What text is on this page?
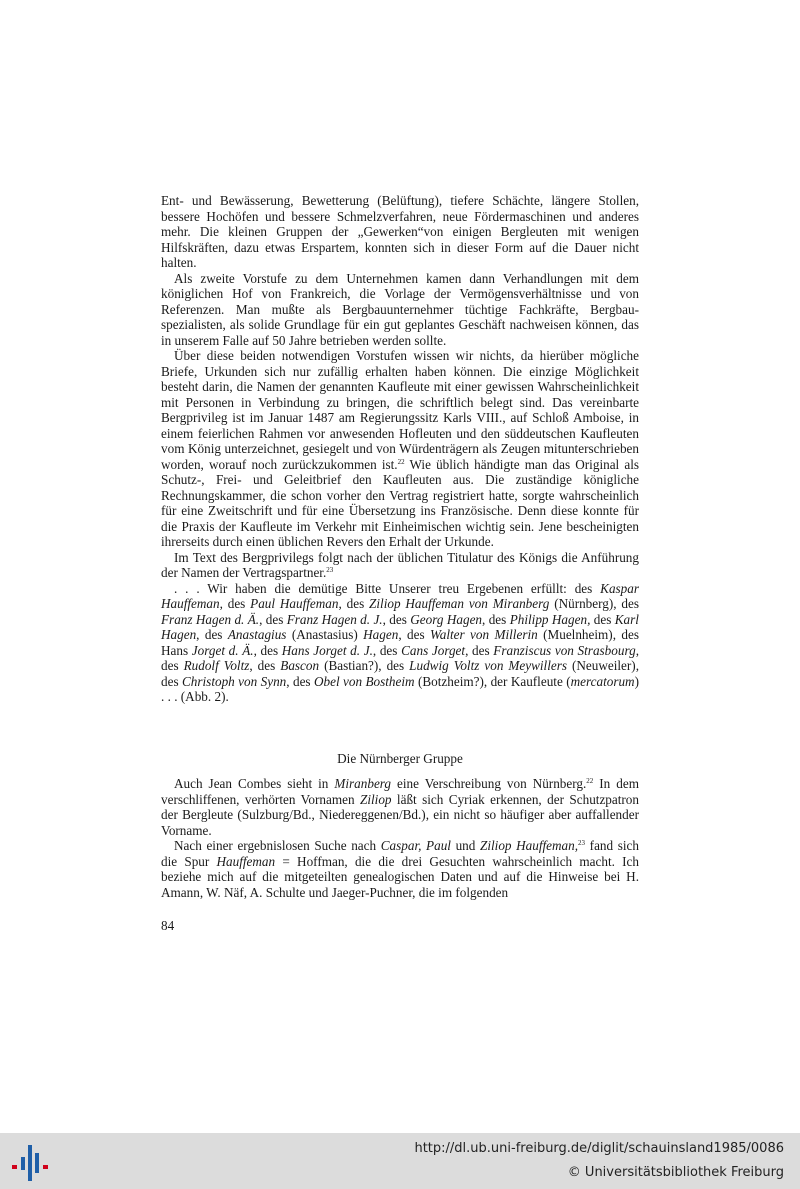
Ent- und Bewässerung, Bewetterung (Belüftung), tiefere Schächte, längere Stollen, bessere Hochöfen und bessere Schmelzverfahren, neue Fördermaschinen und anderes mehr. Die kleinen Gruppen der „Gewerken“von einigen Bergleuten mit wenigen Hilfskräften, dazu etwas Erspartem, konnten sich in dieser Form auf die Dauer nicht halten.

Als zweite Vorstufe zu dem Unternehmen kamen dann Verhandlungen mit dem königlichen Hof von Frankreich, die Vorlage der Vermögensverhältnisse und von Referenzen. Man mußte als Bergbauunternehmer tüchtige Fachkräfte, Bergbauspezialisten, als solide Grundlage für ein gut geplantes Geschäft nachweisen können, das in unserem Falle auf 50 Jahre betrieben werden sollte.

Über diese beiden notwendigen Vorstufen wissen wir nichts, da hierüber mögliche Briefe, Urkunden sich nur zufällig erhalten haben können. Die einzige Möglichkeit besteht darin, die Namen der genannten Kaufleute mit einer gewissen Wahrscheinlichkeit mit Personen in Verbindung zu bringen, die schriftlich belegt sind. Das vereinbarte Bergprivileg ist im Januar 1487 am Regierungssitz Karls VIII., auf Schloß Amboise, in einem feierlichen Rahmen vor anwesenden Hofleuten und den süddeutschen Kaufleuten vom König unterzeichnet, gesiegelt und von Würdenträgern als Zeugen mitunterschrieben worden, worauf noch zurückzukommen ist.$^{22}$ Wie üblich händigte man das Original als Schutz-, Frei- und Geleitbrief den Kaufleuten aus. Die zuständige königliche Rechnungskammer, die schon vorher den Vertrag registriert hatte, sorgte wahrscheinlich für eine Zweitschrift und für eine Übersetzung ins Französische. Denn diese konnte für die Praxis der Kaufleute im Verkehr mit Einheimischen wichtig sein. Jene bescheinigten ihrerseits durch einen üblichen Revers den Erhalt der Urkunde.

Im Text des Bergprivilegs folgt nach der üblichen Titulatur des Königs die Anführung der Namen der Vertragspartner.$^{23}$

. . . Wir haben die demütige Bitte Unserer treu Ergebenen erfüllt: des Kaspar Hauffeman, des Paul Hauffeman, des Ziliop Hauffeman von Miranberg (Nürnberg), des Franz Hagen d. Ä., des Franz Hagen d. J., des Georg Hagen, des Philipp Hagen, des Karl Hagen, des Anastagius (Anastasius) Hagen, des Walter von Millerin (Muelnheim), des Hans Jorget d. Ä., des Hans Jorget d. J., des Cans Jorget, des Franziscus von Strasbourg, des Rudolf Voltz, des Bascon (Bastian?), des Ludwig Voltz von Meywillers (Neuweiler), des Christoph von Synn, des Obel von Bostheim (Botzheim?), der Kaufleute (mercatorum) . . . (Abb. 2).

Die Nürnberger Gruppe

Auch Jean Combes sieht in Miranberg eine Verschreibung von Nürnberg.$^{22}$ In dem verschliffenen, verhörten Vornamen Ziliop läßt sich Cyriak erkennen, der Schutzpatron der Bergleute (Sulzburg/Bd., Niedereggenen/Bd.), ein nicht so häufiger aber auffallender Vorname.

Nach einer ergebnislosen Suche nach Caspar, Paul und Ziliop Hauffeman,$^{23}$ fand sich die Spur Hauffeman = Hoffman, die die drei Gesuchten wahrscheinlich macht. Ich beziehe mich auf die mitgeteilten genealogischen Daten und auf die Hinweise bei H. Amann, W. Näf, A. Schulte und Jaeger-Puchner, die im folgenden

84

http://dl.ub.uni-freiburg.de/diglit/schauinsland1985/0086

© Universitätsbibliothek Freiburg
